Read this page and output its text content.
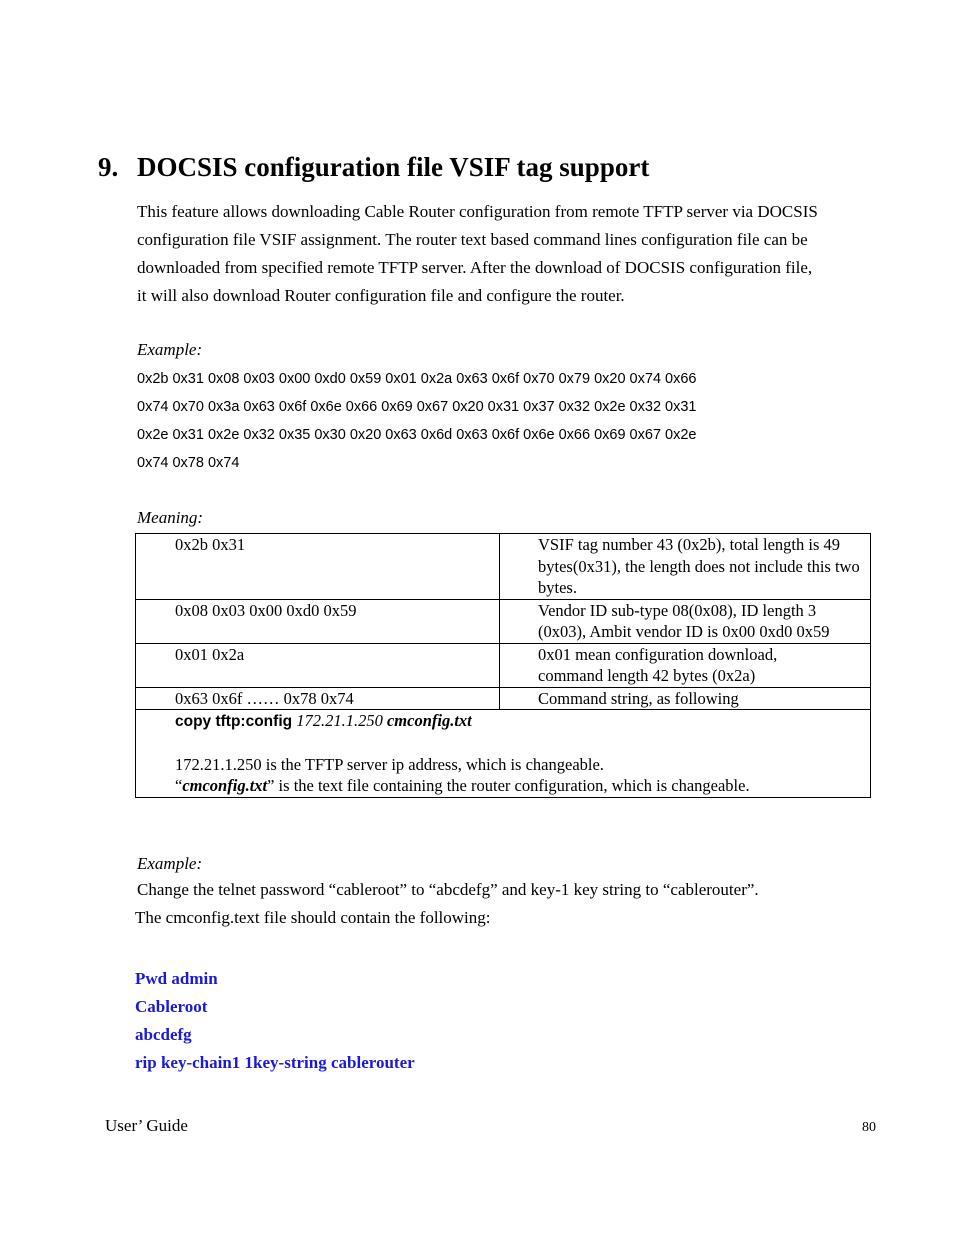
9. DOCSIS configuration file VSIF tag support

This feature allows downloading Cable Router configuration from remote TFTP server via DOCSIS

configuration file VSIF assignment. The router text based command lines configuration file can be

downloaded from specified remote TFTP server. After the download of DOCSIS configuration file,

it will also download Router configuration file and configure the router.

Example:

0x2b 0x31 0x08 0x03 0x00 0xd0 0x59 0x01 0x2a 0x63 0x6f 0x70 0x79 0x20 0x74 0x66

0x74 0x70 0x3a 0x63 0x6f 0x6e 0x66 0x69 0x67 0x20 0x31 0x37 0x32 0x2e 0x32 0x31

0x2e 0x31 0x2e 0x32 0x35 0x30 0x20 0x63 0x6d 0x63 0x6f 0x6e 0x66 0x69 0x67 0x2e

0x74 0x78 0x74

Meaning:
0x2b 0x31	VSIF tag number 43 (0x2b), total length is 49
bytes(0x31), the length does not include this two
bytes.

0x08 0x03 0x00 0xd0 0x59	Vendor ID sub-type 08(0x08), ID length 3
(0x03), Ambit vendor ID is 0x00 0xd0 0x59

0x01 0x2a	0x01 mean configuration download,
command length 42 bytes (0x2a)

0x63 0x6f …… 0x78 0x74	Command string, as following

copy tftp:config 172.21.1.250 cmconfig.txt

172.21.1.250 is the TFTP server ip address, which is changeable.

“cmconfig.txt” is the text file containing the router configuration, which is changeable.	

Example:
Change the telnet password “cableroot” to “abcdefg” and key-1 key string to “cablerouter”.
The cmconfig.text file should contain the following:

Pwd admin

Cableroot

abcdefg

rip key-chain1 1key-string cablerouter

User’ Guide	80
